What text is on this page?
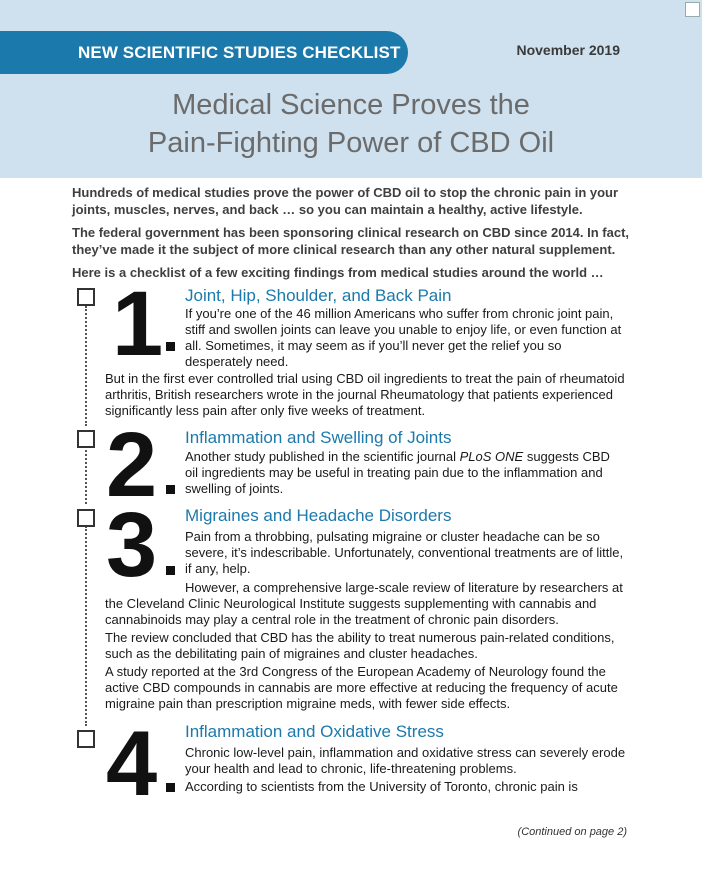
NEW SCIENTIFIC STUDIES CHECKLIST	November 2019
Medical Science Proves the
Pain-Fighting Power of CBD Oil

Hundreds of medical studies prove the power of CBD oil to stop the chronic pain in your joints, muscles, nerves, and back … so you can maintain a healthy, active lifestyle.

The federal government has been sponsoring clinical research on CBD since 2014. In fact, they’ve made it the subject of more clinical research than any other natural supplement.

Here is a checklist of a few exciting findings from medical studies around the world …

1 Joint, Hip, Shoulder, and Back Pain

If you’re one of the 46 million Americans who suffer from chronic joint pain, stiff and swollen joints can leave you unable to enjoy life, or even function at all. Sometimes, it may seem as if you’ll never get the relief you so desperately need.

But in the first ever controlled trial using CBD oil ingredients to treat the pain of rheumatoid arthritis, British researchers wrote in the journal Rheumatology that patients experienced significantly less pain after only five weeks of treatment.

2 Inflammation and Swelling of Joints

Another study published in the scientific journal PLoS ONE suggests CBD oil ingredients may be useful in treating pain due to the inflammation and swelling of joints.

3 Migraines and Headache Disorders

Pain from a throbbing, pulsating migraine or cluster headache can be so severe, it’s indescribable. Unfortunately, conventional treatments are of little, if any, help.

However, a comprehensive large-scale review of literature by researchers at the Cleveland Clinic Neurological Institute suggests supplementing with cannabis and cannabinoids may play a central role in the treatment of chronic pain disorders.

The review concluded that CBD has the ability to treat numerous pain-related conditions, such as the debilitating pain of migraines and cluster headaches.

A study reported at the 3rd Congress of the European Academy of Neurology found the active CBD compounds in cannabis are more effective at reducing the frequency of acute migraine pain than prescription migraine meds, with fewer side effects.

4 Inflammation and Oxidative Stress

Chronic low-level pain, inflammation and oxidative stress can severely erode your health and lead to chronic, life-threatening problems.

According to scientists from the University of Toronto, chronic pain is

(Continued on page 2)
